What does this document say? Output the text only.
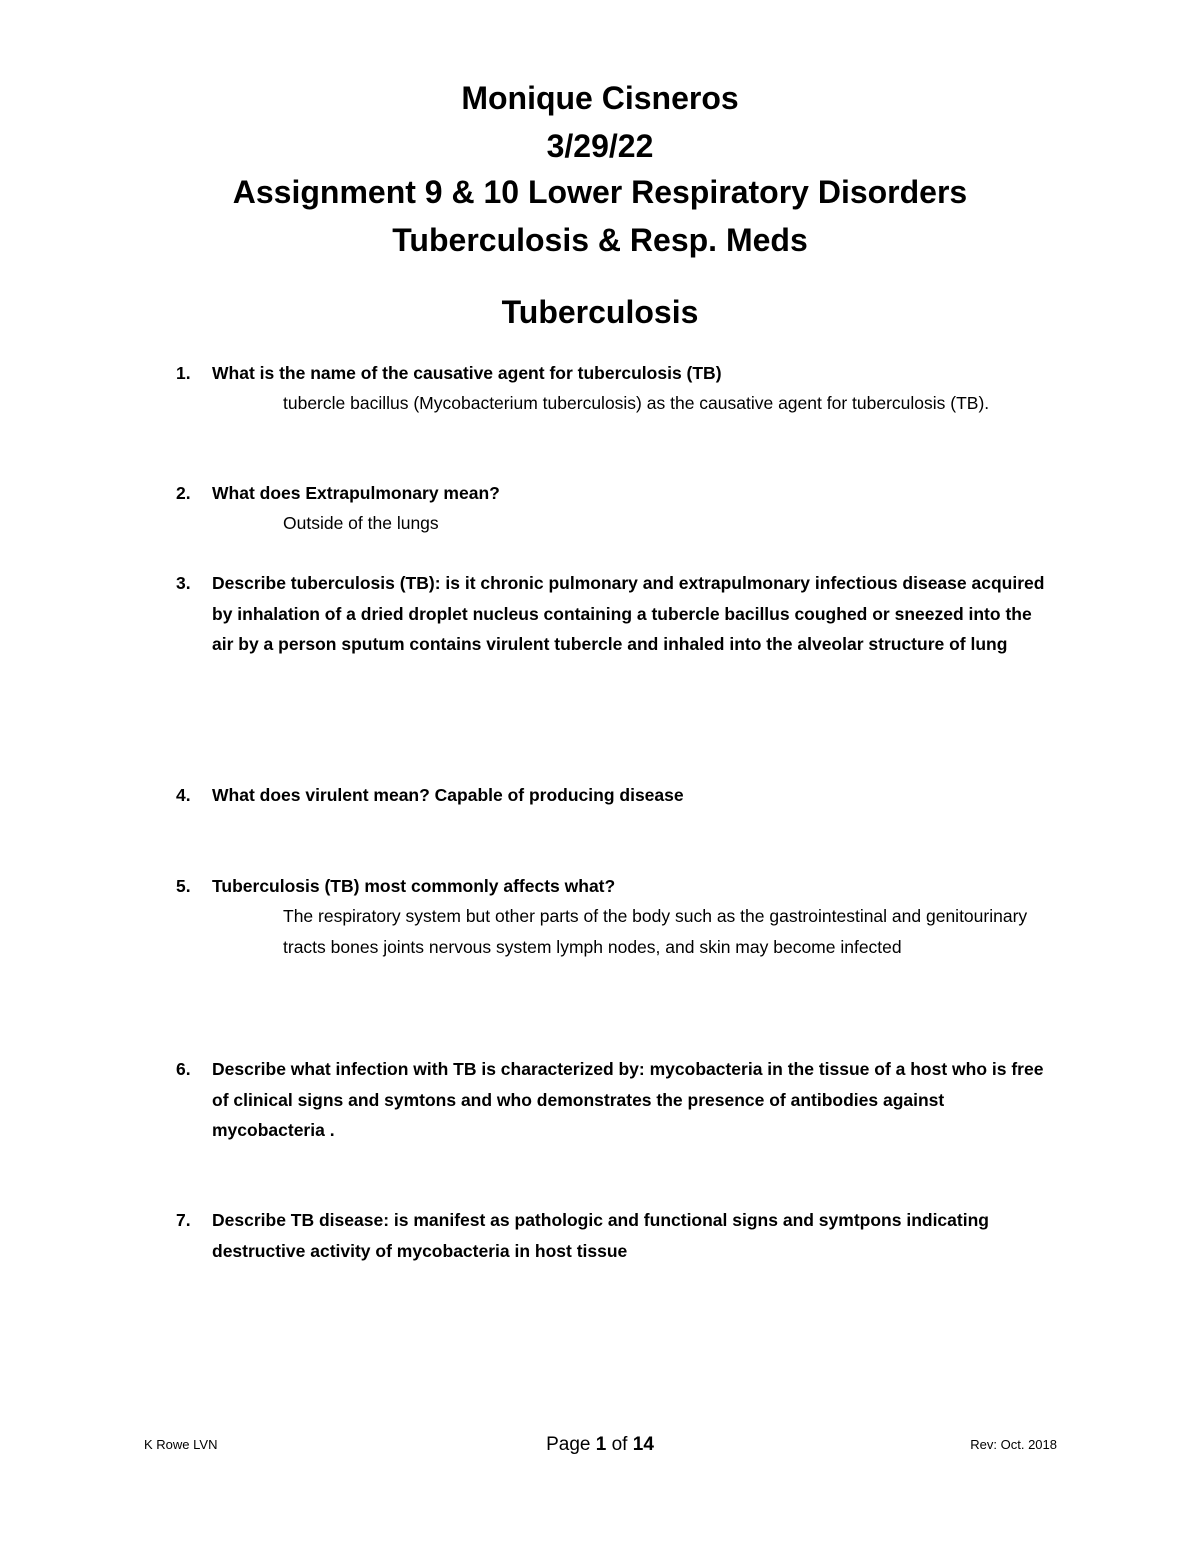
Monique Cisneros
3/29/22
Assignment 9 & 10 Lower Respiratory Disorders
Tuberculosis & Resp. Meds
Tuberculosis
1. What is the name of the causative agent for tuberculosis (TB)
tubercle bacillus (Mycobacterium tuberculosis) as the causative agent for tuberculosis (TB).
2. What does Extrapulmonary mean?
Outside of the lungs
3. Describe tuberculosis (TB): is it chronic pulmonary and extrapulmonary infectious disease acquired by inhalation of a dried droplet nucleus containing a tubercle bacillus coughed or sneezed into the air by a person sputum contains virulent tubercle and inhaled into the alveolar structure of lung
4. What does virulent mean? Capable of producing disease
5. Tuberculosis (TB) most commonly affects what?
The respiratory system but other parts of the body such as the gastrointestinal and genitourinary tracts bones joints nervous system lymph nodes, and skin may become infected
6. Describe what infection with TB is characterized by: mycobacteria in the tissue of a host who is free of clinical signs and symtons and who demonstrates the presence of antibodies against mycobacteria .
7. Describe TB disease: is manifest as pathologic and functional signs and symtpons indicating destructive activity of mycobacteria in host tissue
K Rowe LVN	Page 1 of 14	Rev: Oct. 2018
